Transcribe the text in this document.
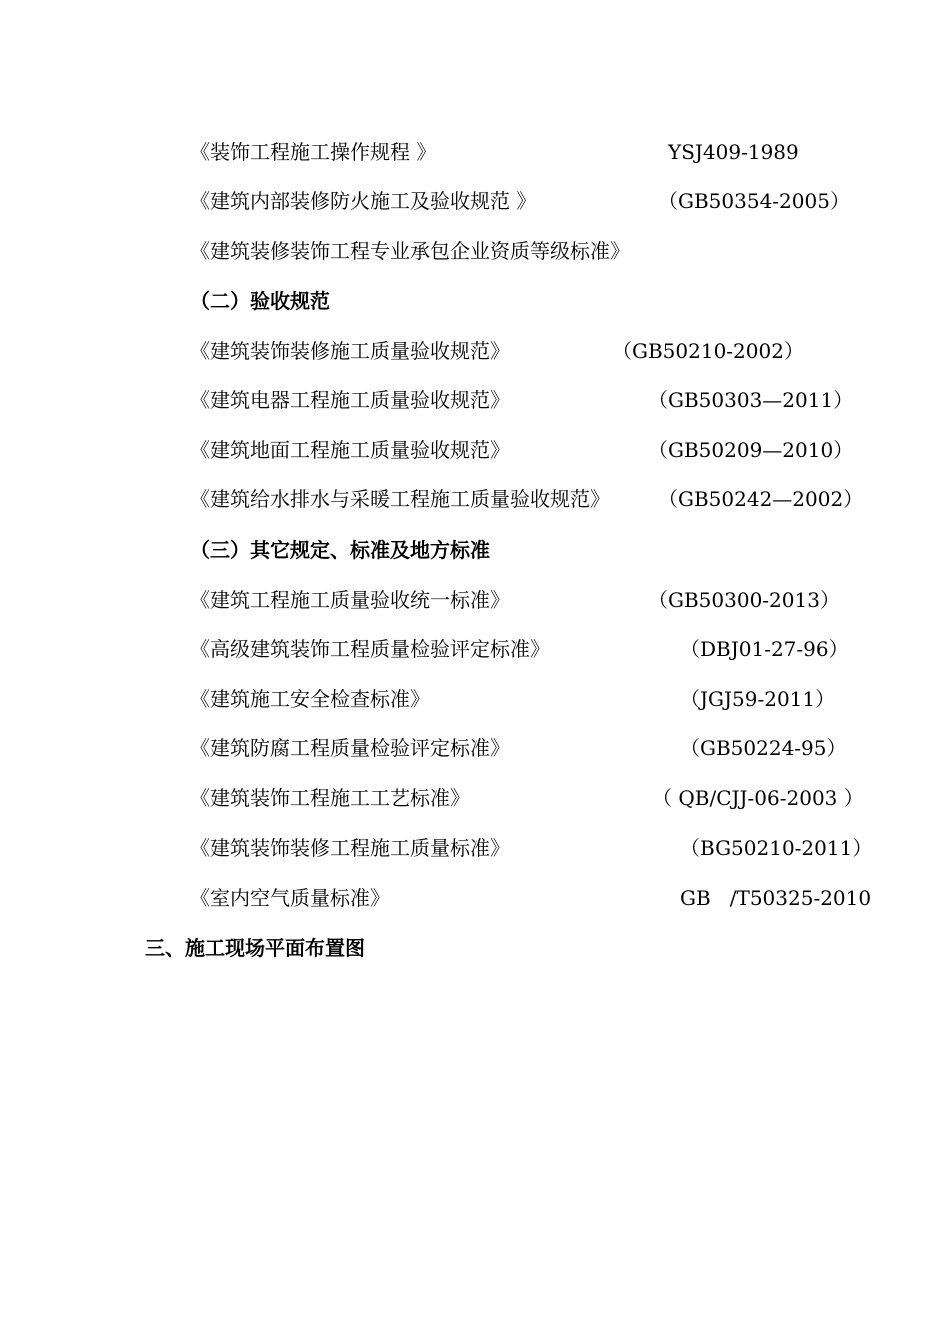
《装饰工程施工操作规程 》	YSJ409-1989
《建筑内部装修防火施工及验收规范 》	（GB50354-2005）
《建筑装修装饰工程专业承包企业资质等级标准》
（二）验收规范
《建筑装饰装修施工质量验收规范》	（GB50210-2002）
《建筑电器工程施工质量验收规范》	（GB50303—2011）
《建筑地面工程施工质量验收规范》	（GB50209—2010）
《建筑给水排水与采暖工程施工质量验收规范》 （GB50242—2002）
（三）其它规定、标准及地方标准
《建筑工程施工质量验收统一标准》	（GB50300-2013）
《高级建筑装饰工程质量检验评定标准》	（DBJ01-27-96）
《建筑施工安全检查标准》	（JGJ59-2011）
《建筑防腐工程质量检验评定标准》	（GB50224-95）
《建筑装饰工程施工工艺标准》	（ QB/CJJ-06-2003 ）
《建筑装饰装修工程施工质量标准》	（BG50210-2011）
《室内空气质量标准》	GB   /T50325-2010
三、施工现场平面布置图
